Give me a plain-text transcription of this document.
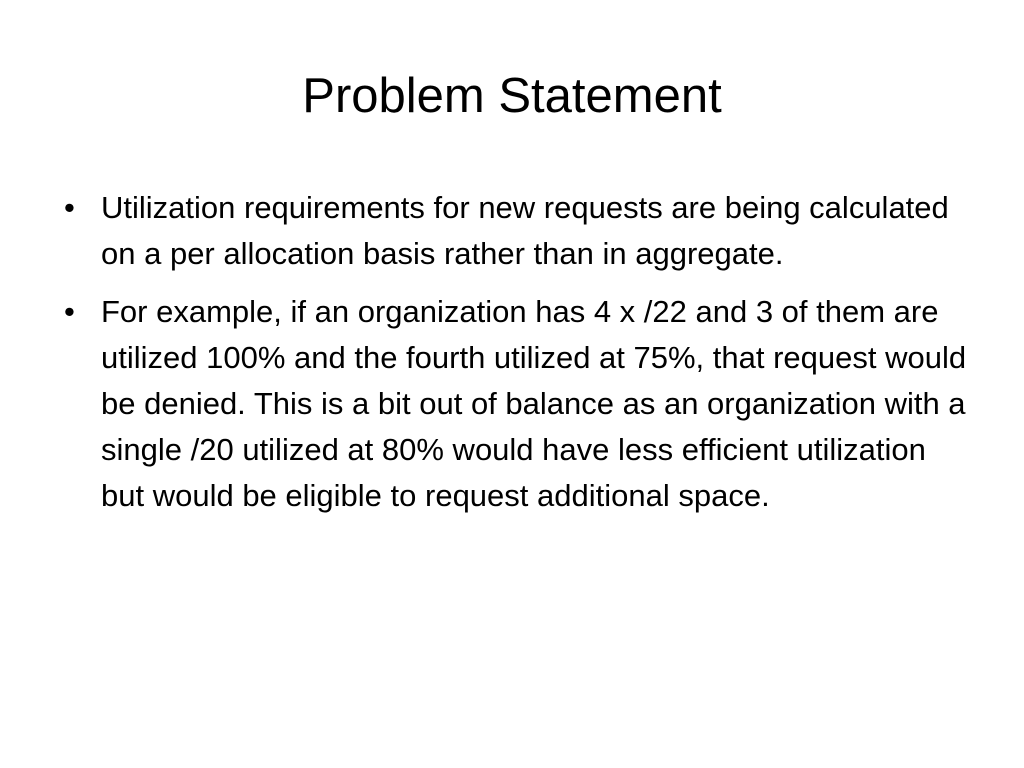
Problem Statement
• Utilization requirements for new requests are being calculated on a per allocation basis rather than in aggregate.
• For example, if an organization has 4 x /22 and 3 of them are utilized 100% and the fourth utilized at 75%, that request would be denied. This is a bit out of balance as an organization with a single /20 utilized at 80% would have less efficient utilization but would be eligible to request additional space.
